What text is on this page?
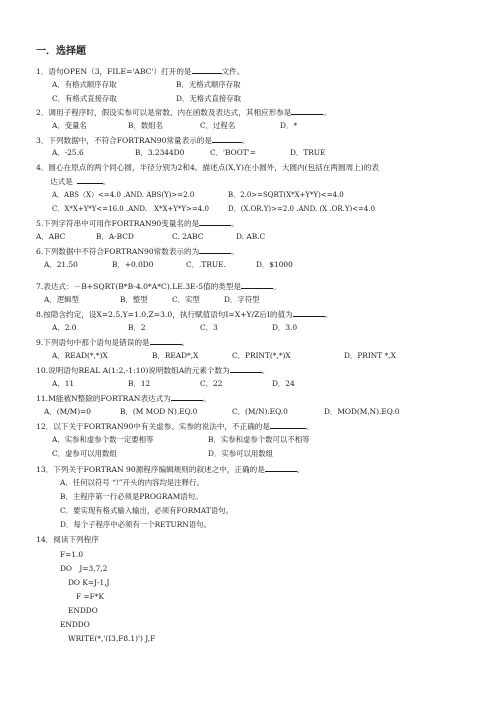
一．选择题
1．语句OPEN（3，FILE='ABC'）打开的是	文件。
A．有格式顺序存取	B．无格式顺序存取
C．有格式直接存取	D．无格式直接存取
2．调用子程序时，假设实参可以是常数、内在函数及表达式，其相应形参是	。
A．变量名	B．数组名	C．过程名	D．*
3．下列数据中，不符合FORTRAN90常量表示的是	。
A．-25.6	B．3.2344D0	C．'BOOT'=	D．TRUE
4．圆心在原点的两个同心圆，半径分别为2和4。描述点(X,Y)在小圆外，大圆内(包括在两圆周上)的表
达式是	。
A．ABS（X）<=4.0 .AND. ABS(Y)>=2.0	B．2.0>=SQRT(X*X+Y*Y)<=4.0
C．X*X+Y*Y<=16.0 .AND.　X*X+Y*Y>=4.0	D．(X.OR.Y)>=2.0 .AND. (X .OR.Y)<=4.0
5.下列字符串中可用作FORTRAN90变量名的是	。
A．ABC	B．A-BCD	C. 2ABC	D. AB.C
6.下列数据中不符合FORTRAN90常数表示的为	。
A．21.50	B．+0.0D0	C．.TRUE.	D．$1000
7.表达式：－B+SQRT(B*B-4.0*A*C).LE.3E-5值的类型是	。
A．逻辑型	B．整型	C．实型	D．字符型
8.按隐含约定，设X=2.5,Y=1.0,Z=3.0，执行赋值语句I=X+Y/Z后I的值为	。
A．2.0	B．2	C．3	D．3.0
9.下列语句中那个语句是错误的是	。
A．READ(*,*)X	B．READ*,X	C．PRINT(*,*)X	D．PRINT *,X
10.说明语句REAL A(1:2,-1:10)说明数组A的元素个数为	。
A．11	B．12	C．22	D．24
11.M能被N整除的FORTRAN表达式为	。
A．(M/M)=0	B．(M MOD N).EQ.0	C．(M/N).EQ.0	D．MOD(M,N).EQ.0
12．以下关于FORTRAN90中有关虚参、实参的说法中，不正确的是	。
A．实参和虚参个数一定要相等	B．实参和虚参个数可以不相等
C．虚参可以用数组	D．实参可以用数组
13．下列关于FORTRAN 90源程序编辑规则的叙述之中，正确的是	。
A．任何以符号 “!”开头的内容均是注释行。
B．主程序第一行必须是PROGRAM语句。
C．要实现有格式输入输出，必须有FORMAT语句。
D．每个子程序中必须有一个RETURN语句。
14．阅读下列程序
F=1.0
DO　J=3,7,2
DO K=J-1,J
F =F*K
ENDDO
ENDDO
WRITE(*,'(I3,F8.1)') J,F
